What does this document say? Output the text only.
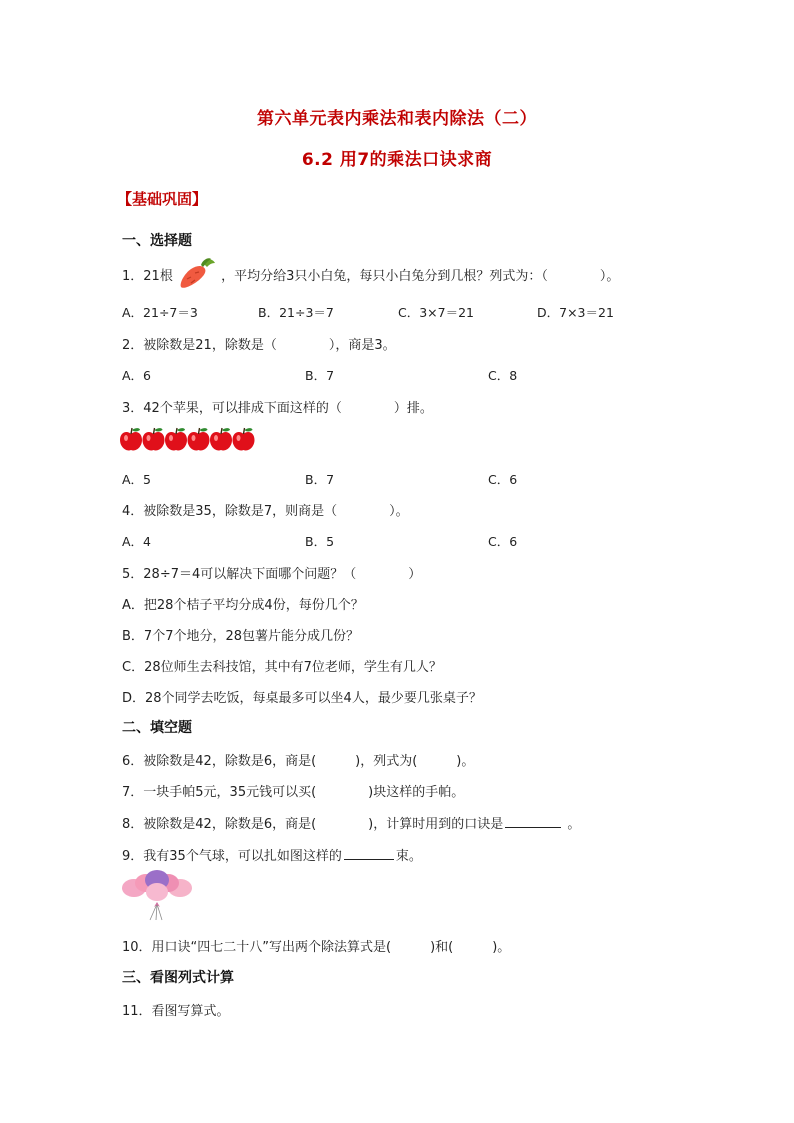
第六单元表内乘法和表内除法（二）
6.2 用7的乘法口诀求商
【基础巩固】
一、选择题
1．21根	，平均分给3只小白兔，每只小白兔分到几根？列式为：（　　　　）。
A．21÷7＝3	B．21÷3＝7	C．3×7＝21	D．7×3＝21
2．被除数是21，除数是（　　　　），商是3。
A．6	B．7	C．8
3．42个苹果，可以排成下面这样的（　　　　）排。
A．5	B．7	C．6
4．被除数是35，除数是7，则商是（　　　　）。
A．4	B．5	C．6
5．28÷7＝4可以解决下面哪个问题？（　　　　）
A．把28个桔子平均分成4份，每份几个？
B．7个7个地分，28包薯片能分成几份？
C．28位师生去科技馆，其中有7位老师，学生有几人？
D．28个同学去吃饭，每桌最多可以坐4人，最少要几张桌子？
二、填空题
6．被除数是42，除数是6，商是(　　　)，列式为(　　　)。
7．一块手帕5元，35元钱可以买(　　　　)块这样的手帕。
8．被除数是42，除数是6，商是(　　　　)，计算时用到的口诀是	。
9．我有35个气球，可以扎如图这样的	束。
10．用口诀“四七二十八”写出两个除法算式是(　　　)和(　　　)。
三、看图列式计算
11．看图写算式。
